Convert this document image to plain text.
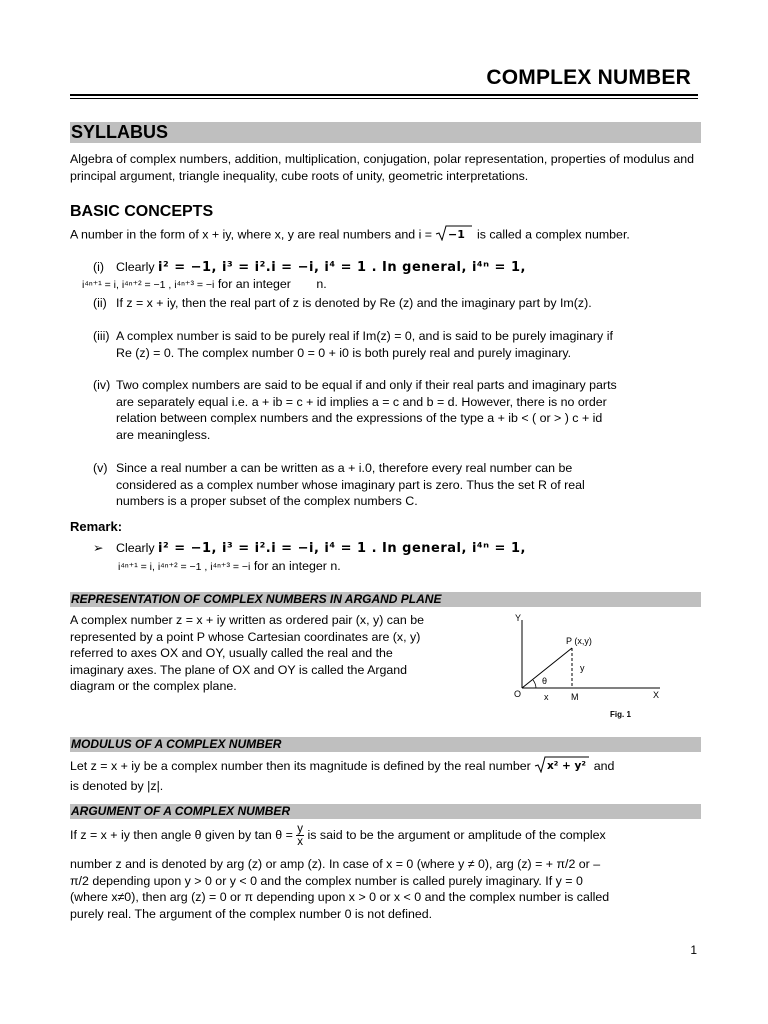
COMPLEX NUMBER
SYLLABUS
Algebra of complex numbers, addition, multiplication, conjugation, polar representation, properties of modulus and principal argument, triangle inequality, cube roots of unity, geometric interpretations.
BASIC CONCEPTS
A number in the form of x + iy, where x, y are real numbers and i = −1 is called a complex number.
(i) Clearly i² = −1, i³ = i².i = −i, i⁴ = 1 . In general, i⁴ⁿ = 1,
i⁴ⁿ⁺¹ = i, i⁴ⁿ⁺² = −1 , i⁴ⁿ⁺³ = −i for an integer n.
(ii) If z = x + iy, then the real part of z is denoted by Re (z) and the imaginary part by Im(z).
(iii) A complex number is said to be purely real if Im(z) = 0, and is said to be purely imaginary if
Re (z) = 0. The complex number 0 = 0 + i0 is both purely real and purely imaginary.
(iv) Two complex numbers are said to be equal if and only if their real parts and imaginary parts
are separately equal i.e. a + ib = c + id implies a = c and b = d. However, there is no order
relation between complex numbers and the expressions of the type a + ib < ( or > ) c + id
are meaningless.
(v) Since a real number a can be written as a + i.0, therefore every real number can be
considered as a complex number whose imaginary part is zero. Thus the set R of real
numbers is a proper subset of the complex numbers C.
Remark:
➢ Clearly i² = −1, i³ = i².i = −i, i⁴ = 1 . In general, i⁴ⁿ = 1,
i⁴ⁿ⁺¹ = i, i⁴ⁿ⁺² = −1 , i⁴ⁿ⁺³ = −i for an integer n.
REPRESENTATION OF COMPLEX NUMBERS IN ARGAND PLANE
A complex number z = x + iy written as ordered pair (x, y) can be
represented by a point P whose Cartesian coordinates are (x, y)
referred to axes OX and OY, usually called the real and the
imaginary axes. The plane of OX and OY is called the Argand
diagram or the complex plane.
Y
X
O
P (x,y)
θ
x
y
M
Fig. 1
MODULUS OF A COMPLEX NUMBER
Let z = x + iy be a complex number then its magnitude is defined by the real number x² + y² and
is denoted by |z|.
ARGUMENT OF A COMPLEX NUMBER
If z = x + iy then angle θ given by $\tan \theta = \frac{y}{x}$ is said to be the argument or amplitude of the complex
number z and is denoted by arg (z) or amp (z). In case of x = 0 (where y ≠ 0), arg (z) = + π/2 or –
π/2 depending upon y > 0 or y < 0 and the complex number is called purely imaginary. If y = 0
(where x≠0), then arg (z) = 0 or π depending upon x > 0 or x < 0 and the complex number is called
purely real. The argument of the complex number 0 is not defined.
1
